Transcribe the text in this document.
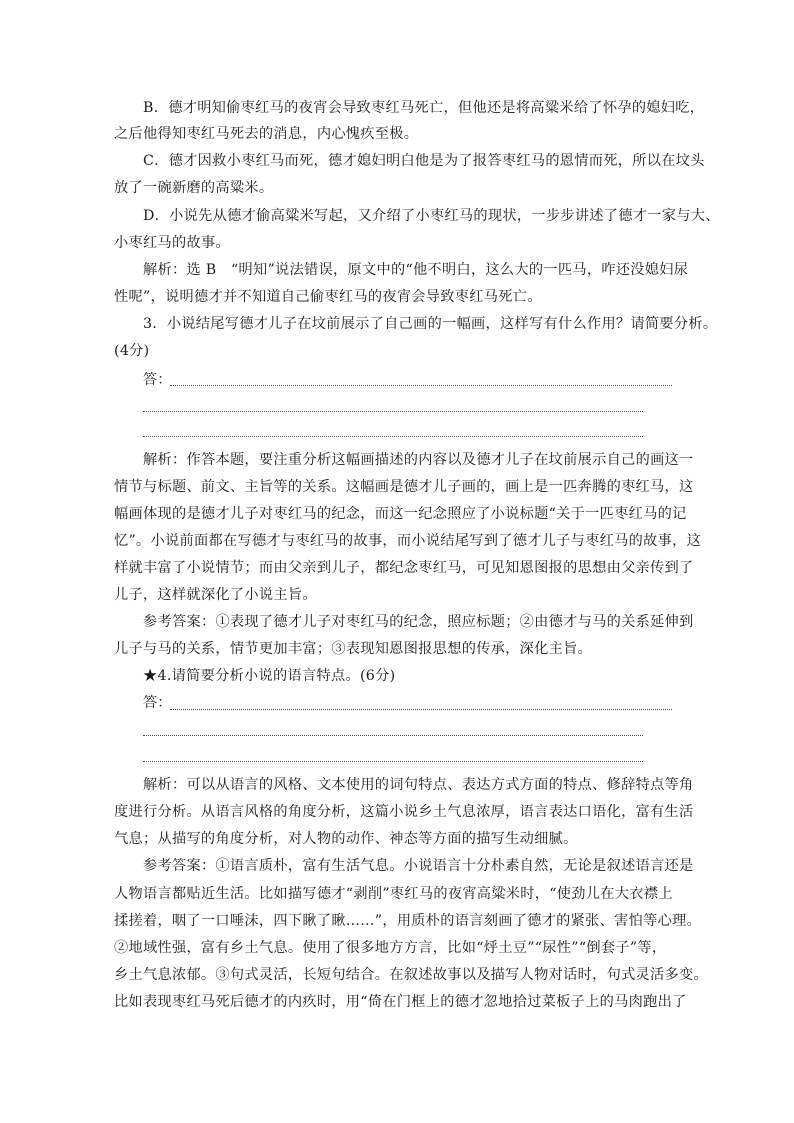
B．德才明知偷枣红马的夜宵会导致枣红马死亡，但他还是将高粱米给了怀孕的媳妇吃，
之后他得知枣红马死去的消息，内心愧疚至极。
C．德才因救小枣红马而死，德才媳妇明白他是为了报答枣红马的恩情而死，所以在坟头
放了一碗新磨的高粱米。
D．小说先从德才偷高粱米写起，又介绍了小枣红马的现状，一步步讲述了德才一家与大、
小枣红马的故事。
解析：选 B　“明知”说法错误，原文中的“他不明白，这么大的一匹马，咋还没媳妇尿
性呢”，说明德才并不知道自己偷枣红马的夜宵会导致枣红马死亡。
3．小说结尾写德才儿子在坟前展示了自己画的一幅画，这样写有什么作用？请简要分析。
(4分)
答：
解析：作答本题，要注重分析这幅画描述的内容以及德才儿子在坟前展示自己的画这一
情节与标题、前文、主旨等的关系。这幅画是德才儿子画的，画上是一匹奔腾的枣红马，这
幅画体现的是德才儿子对枣红马的纪念，而这一纪念照应了小说标题“关于一匹枣红马的记
忆”。小说前面都在写德才与枣红马的故事，而小说结尾写到了德才儿子与枣红马的故事，这
样就丰富了小说情节；而由父亲到儿子，都纪念枣红马，可见知恩图报的思想由父亲传到了
儿子，这样就深化了小说主旨。
参考答案：①表现了德才儿子对枣红马的纪念，照应标题；②由德才与马的关系延伸到
儿子与马的关系，情节更加丰富；③表现知恩图报思想的传承，深化主旨。
★4.请简要分析小说的语言特点。(6分)
答：
解析：可以从语言的风格、文本使用的词句特点、表达方式方面的特点、修辞特点等角
度进行分析。从语言风格的角度分析，这篇小说乡土气息浓厚，语言表达口语化，富有生活
气息；从描写的角度分析，对人物的动作、神态等方面的描写生动细腻。
参考答案：①语言质朴，富有生活气息。小说语言十分朴素自然，无论是叙述语言还是
人物语言都贴近生活。比如描写德才“剥削”枣红马的夜宵高粱米时，“使劲儿在大衣襟上
揉搓着，咽了一口唾沫，四下瞅了瞅……”，用质朴的语言刻画了德才的紧张、害怕等心理。
②地域性强，富有乡土气息。使用了很多地方方言，比如“烀土豆”“尿性”“倒套子”等，
乡土气息浓郁。③句式灵活，长短句结合。在叙述故事以及描写人物对话时，句式灵活多变。
比如表现枣红马死后德才的内疚时，用“倚在门框上的德才忽地拾过菜板子上的马肉跑出了
